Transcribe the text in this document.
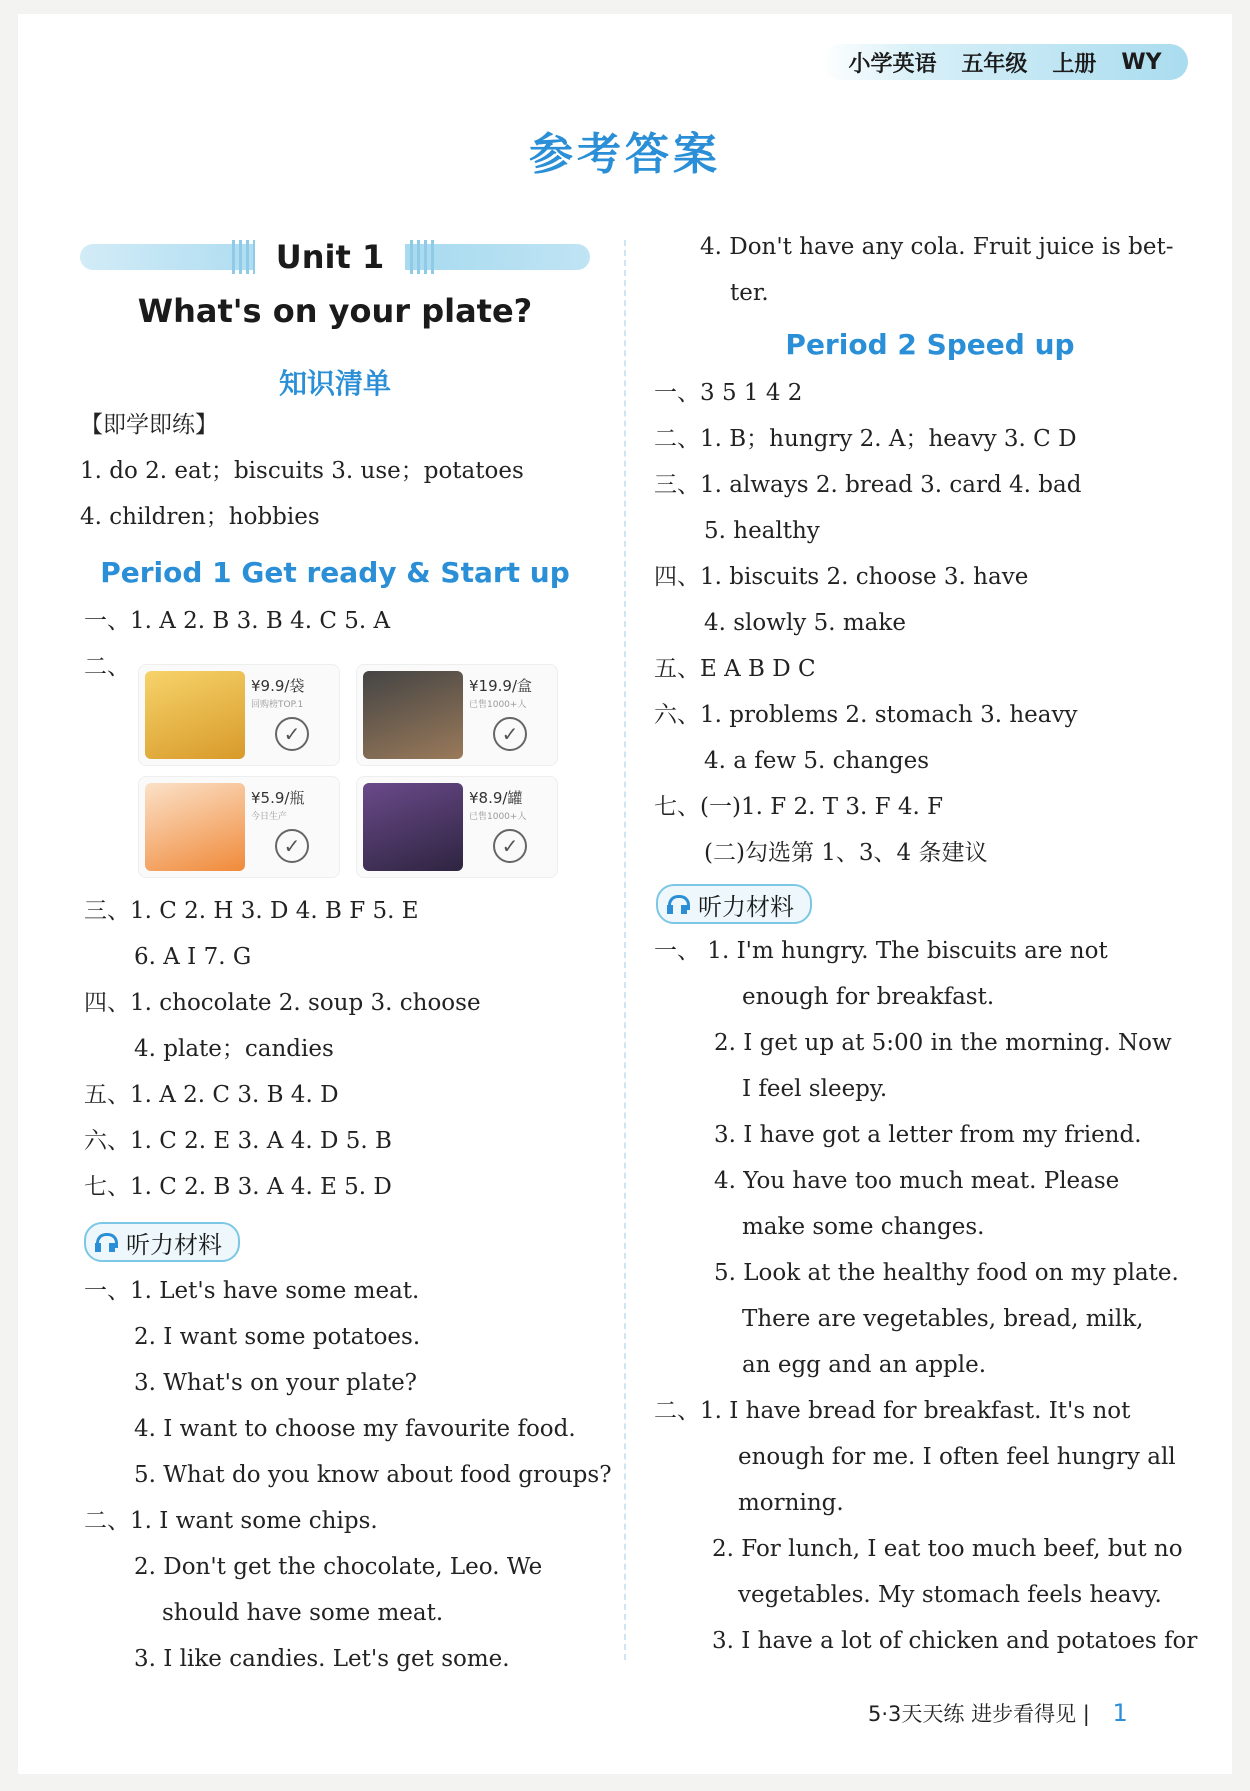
小学英语 五年级 上册 WY
参考答案
Unit 1
What's on your plate?
知识清单
【即学即练】
1. do 2. eat；biscuits 3. use；potatoes
4. children；hobbies
Period 1 Get ready & Start up
一、1. A 2. B 3. B 4. C 5. A
二、
¥9.9/袋
回购榜TOP.1
✓
¥19.9/盒
已售1000+人
✓
¥5.9/瓶
今日生产
✓
¥8.9/罐
已售1000+人
✓
三、1. C 2. H 3. D 4. B F 5. E
6. A I 7. G
四、1. chocolate 2. soup 3. choose
4. plate；candies
五、1. A 2. C 3. B 4. D
六、1. C 2. E 3. A 4. D 5. B
七、1. C 2. B 3. A 4. E 5. D
听力材料
一、1. Let's have some meat.
2. I want some potatoes.
3. What's on your plate?
4. I want to choose my favourite food.
5. What do you know about food groups?
二、1. I want some chips.
2. Don't get the chocolate, Leo. We
should have some meat.
3. I like candies. Let's get some.
4. Don't have any cola. Fruit juice is bet-
ter.
Period 2 Speed up
一、3 5 1 4 2
二、1. B；hungry 2. A；heavy 3. C D
三、1. always 2. bread 3. card 4. bad
5. healthy
四、1. biscuits 2. choose 3. have
4. slowly 5. make
五、E A B D C
六、1. problems 2. stomach 3. heavy
4. a few 5. changes
七、(一)1. F 2. T 3. F 4. F
(二)勾选第 1、3、4 条建议
听力材料
一、 1. I'm hungry. The biscuits are not
enough for breakfast.
2. I get up at 5:00 in the morning. Now
I feel sleepy.
3. I have got a letter from my friend.
4. You have too much meat. Please
make some changes.
5. Look at the healthy food on my plate.
There are vegetables, bread, milk,
an egg and an apple.
二、1. I have bread for breakfast. It's not
enough for me. I often feel hungry all
morning.
2. For lunch, I eat too much beef, but no
vegetables. My stomach feels heavy.
3. I have a lot of chicken and potatoes for
5·3天天练 进步看得见 | 1
